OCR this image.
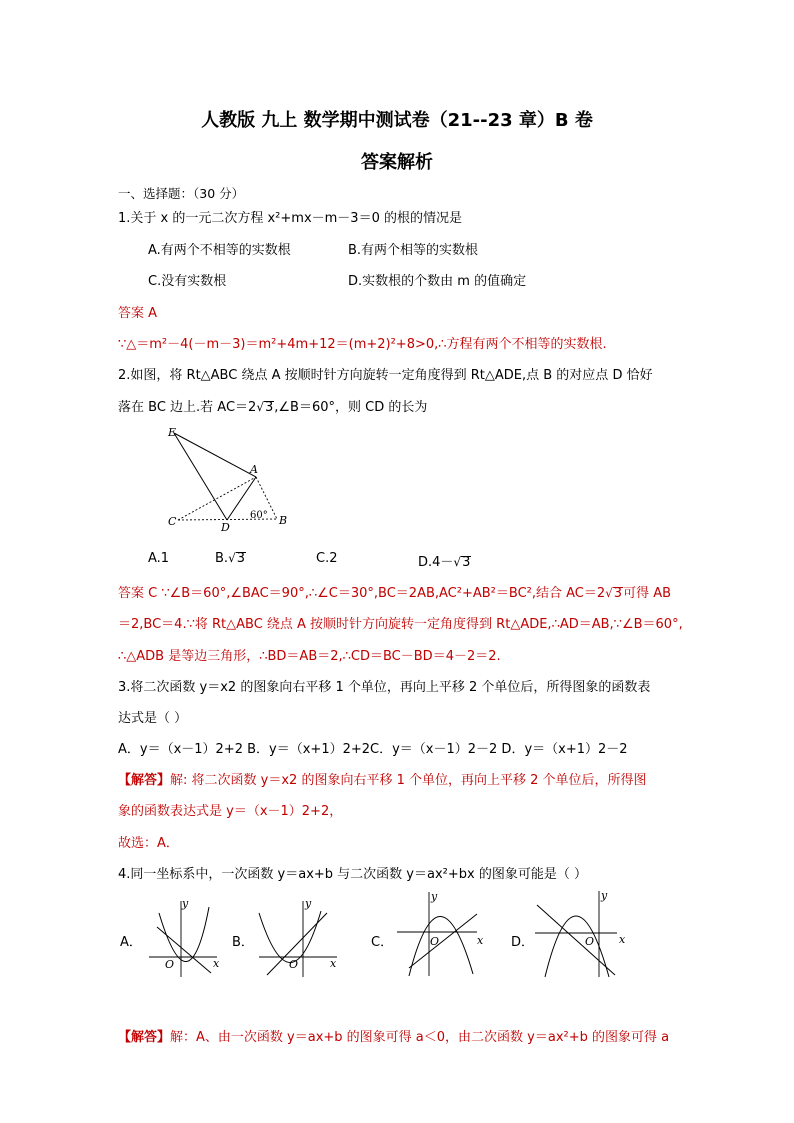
人教版 九上 数学期中测试卷（21--23 章）B 卷
答案解析
一、选择题：（30 分）
1.关于 x 的一元二次方程 x²+mx－m－3＝0 的根的情况是
A.有两个不相等的实数根	B.有两个相等的实数根
C.没有实数根	D.实数根的个数由 m 的值确定
答案 A
∵△＝m²－4(－m－3)＝m²+4m+12＝(m+2)²+8>0,∴方程有两个不相等的实数根.
2.如图，将 Rt△ABC 绕点 A 按顺时针方向旋转一定角度得到 Rt△ADE,点 B 的对应点 D 恰好
落在 BC 边上.若 AC＝2√3,∠B＝60°，则 CD 的长为
E
A
C	D
B
60°
A.1	B.√3	C.2	D.4－√3
答案 C ∵∠B＝60°,∠BAC＝90°,∴∠C＝30°,BC＝2AB,AC²+AB²＝BC²,结合 AC＝2√3可得 AB
＝2,BC＝4.∵将 Rt△ABC 绕点 A 按顺时针方向旋转一定角度得到 Rt△ADE,∴AD＝AB,∵∠B＝60°,
∴△ADB 是等边三角形，∴BD＝AB＝2,∴CD＝BC－BD＝4－2＝2.
3.将二次函数 y＝x2 的图象向右平移 1 个单位，再向上平移 2 个单位后，所得图象的函数表
达式是（ ）
A．y＝（x－1）2+2 B．y＝（x+1）2+2C．y＝（x－1）2－2 D．y＝（x+1）2－2
【解答】解: 将二次函数 y＝x2 的图象向右平移 1 个单位，再向上平移 2 个单位后，所得图
象的函数表达式是 y＝（x－1）2+2，
故选：A．
4.同一坐标系中，一次函数 y＝ax+b 与二次函数 y＝ax²+bx 的图象可能是（ ）
A．	B．	C．	D．
y
x
O
y
x
O
y
x
O
y
x
O
【解答】解：A、由一次函数 y＝ax+b 的图象可得 a＜0，由二次函数 y＝ax²+b 的图象可得 a
